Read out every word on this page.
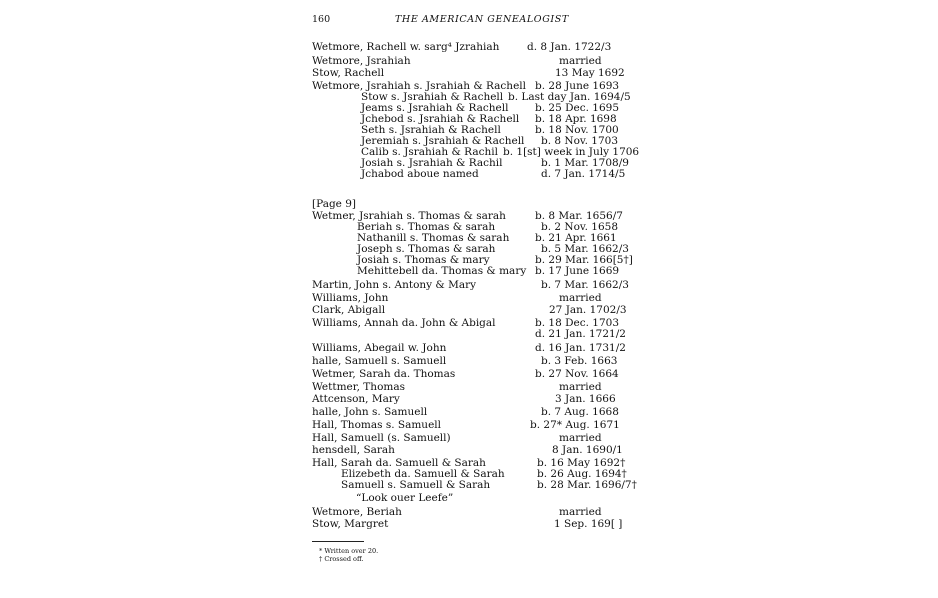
160	THE AMERICAN GENEALOGIST
Wetmore, Rachell w. sarg⁴ Jzrahiah	d. 8 Jan. 1722/3
Wetmore, Jsrahiah	married
Stow, Rachell	13 May 1692
Wetmore, Jsrahiah s. Jsrahiah & Rachell b. 28 June 1693
Stow s. Jsrahiah & Rachell b. Last day Jan. 1694/5
Jeams s. Jsrahiah & Rachell	b. 25 Dec. 1695
Jchebod s. Jsrahiah & Rachell b. 18 Apr. 1698
Seth s. Jsrahiah & Rachell	b. 18 Nov. 1700
Jeremiah s. Jsrahiah & Rachell b. 8 Nov. 1703
Calib s. Jsrahiah & Rachil b. 1[st] week in July 1706
Josiah s. Jsrahiah & Rachil	b. 1 Mar. 1708/9
Jchabod aboue named	d. 7 Jan. 1714/5
[Page 9]
Wetmer, Jsrahiah s. Thomas & sarah	b. 8 Mar. 1656/7
Beriah s. Thomas & sarah	b. 2 Nov. 1658
Nathanill s. Thomas & sarah b. 21 Apr. 1661
Joseph s. Thomas & sarah	b. 5 Mar. 1662/3
Josiah s. Thomas & mary	b. 29 Mar. 166[5†]
Mehittebell da. Thomas & mary b. 17 June 1669
Martin, John s. Antony & Mary	b. 7 Mar. 1662/3
Williams, John	married
Clark, Abigall	27 Jan. 1702/3
Williams, Annah da. John & Abigal	b. 18 Dec. 1703
d. 21 Jan. 1721/2
Williams, Abegail w. John	d. 16 Jan. 1731/2
halle, Samuell s. Samuell	b. 3 Feb. 1663
Wetmer, Sarah da. Thomas	b. 27 Nov. 1664
Wettmer, Thomas	married
Attcenson, Mary	3 Jan. 1666
halle, John s. Samuell	b. 7 Aug. 1668
Hall, Thomas s. Samuell	b. 27* Aug. 1671
Hall, Samuell (s. Samuell)	married
hensdell, Sarah	8 Jan. 1690/1
Hall, Sarah da. Samuell & Sarah	b. 16 May 1692†
Elizebeth da. Samuell & Sarah	b. 26 Aug. 1694†
Samuell s. Samuell & Sarah	b. 28 Mar. 1696/7†
“Look ouer Leefe”
Wetmore, Beriah	married
Stow, Margret	1 Sep. 169[ ]
* Written over 20.
† Crossed off.
